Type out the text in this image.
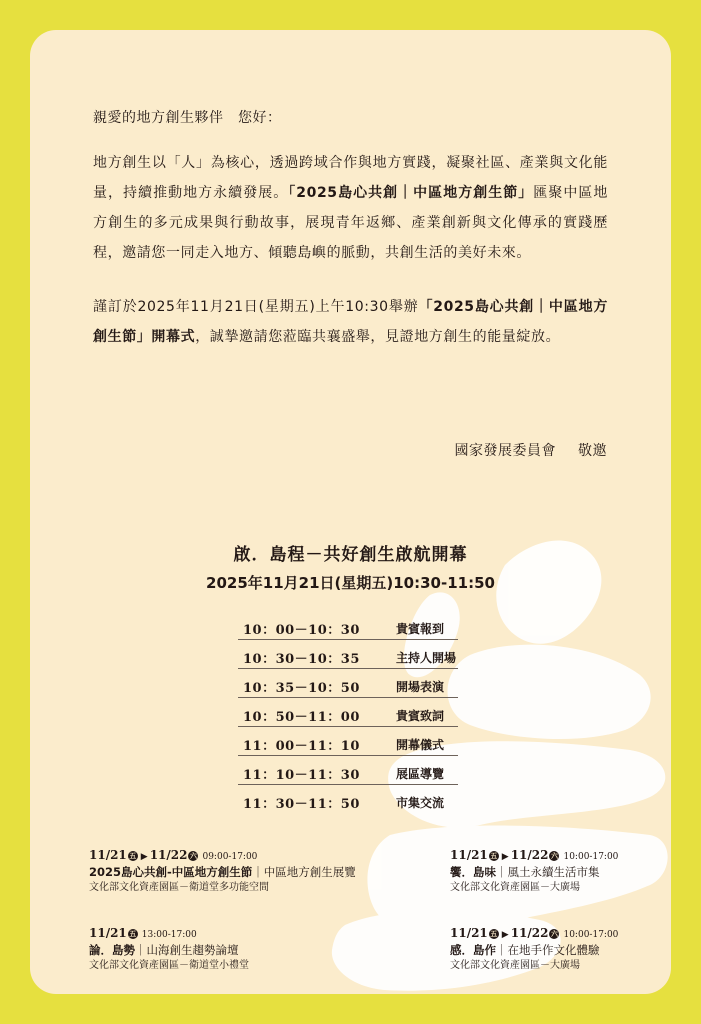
親愛的地方創生夥伴　您好：

地方創生以「人」為核心，透過跨域合作與地方實踐，凝聚社區、產業與文化能量，持續推動地方永續發展。「2025島心共創｜中區地方創生節」匯聚中區地方創生的多元成果與行動故事，展現青年返鄉、產業創新與文化傳承的實踐歷程，邀請您一同走入地方、傾聽島嶼的脈動，共創生活的美好未來。

謹訂於2025年11月21日(星期五)上午10:30舉辦「2025島心共創｜中區地方創生節」開幕式，誠摯邀請您蒞臨共襄盛舉，見證地方創生的能量綻放。

國家發展委員會 敬邀
啟．島程－共好創生啟航開幕
2025年11月21日(星期五)10:30-11:50
10：00－10：30	貴賓報到
10：30－10：35	主持人開場
10：35－10：50	開場表演
10：50－11：00	貴賓致詞
11：00－11：10	開幕儀式
11：10－11：30	展區導覽
11：30－11：50	市集交流
11/21 五 ▶ 11/22 六 09:00-17:00
2025島心共創-中區地方創生節｜中區地方創生展覽
文化部文化資產園區－衛道堂多功能空間
11/21 五 ▶ 11/22 六 10:00-17:00
饗．島味｜風土永續生活市集
文化部文化資產園區－大廣場
11/21 五 13:00-17:00
論．島勢｜山海創生趨勢論壇
文化部文化資產園區－衛道堂小禮堂
11/21 五 ▶ 11/22 六 10:00-17:00
感．島作｜在地手作文化體驗
文化部文化資產園區－大廣場
